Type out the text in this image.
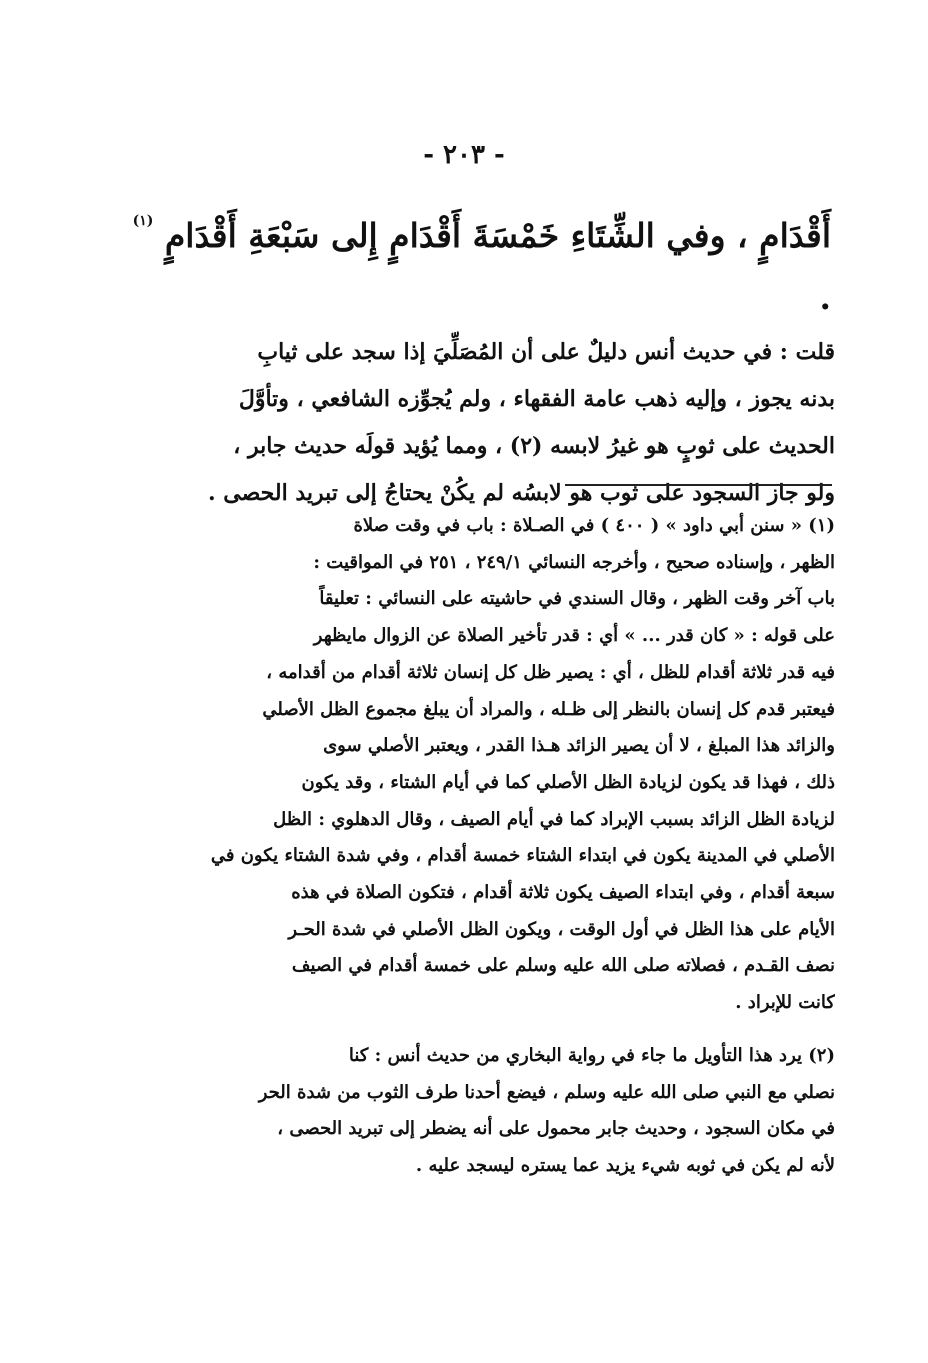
- ٢٠٣ -

أَقْدَامٍ ، وفي الشِّتَاءِ خَمْسَةَ أَقْدَامٍ إِلى سَبْعَةِ أَقْدَامٍ $^{(١)}$ .

قلت : في حديث أنس دليلٌ على أن المُصَلِّيَ إذا سجد على ثيابِ

بدنه يجوز ، وإليه ذهب عامة الفقهاء ، ولم يُجوِّزه الشافعي ، وتأوَّلَ

الحديث على ثوبٍ هو غيرُ لابسه (٢) ، ومما يُؤيد قولَه حديث جابر ،

ولو جاز السجود على ثوب هو لابسُه لم يكُنْ يحتاجُ إلى تبريد الحصى .

(١) « سنن أبي داود » ( ٤٠٠ ) في الصـلاة : باب في وقت صلاة

الظهر ، وإسناده صحيح ، وأخرجه النسائي ٢٤٩/١ ، ٢٥١ في المواقيت :

باب آخر وقت الظهر ، وقال السندي في حاشيته على النسائي : تعليقاً

على قوله : « كان قدر ... » أي : قدر تأخير الصلاة عن الزوال مايظهر

فيه قدر ثلاثة أقدام للظل ، أي : يصير ظل كل إنسان ثلاثة أقدام من أقدامه ،

فيعتبر قدم كل إنسان بالنظر إلى ظـله ، والمراد أن يبلغ مجموع الظل الأصلي

والزائد هذا المبلغ ، لا أن يصير الزائد هـذا القدر ، ويعتبر الأصلي سوى

ذلك ، فهذا قد يكون لزيادة الظل الأصلي كما في أيام الشتاء ، وقد يكون

لزيادة الظل الزائد بسبب الإبراد كما في أيام الصيف ، وقال الدهلوي : الظل

الأصلي في المدينة يكون في ابتداء الشتاء خمسة أقدام ، وفي شدة الشتاء يكون في

سبعة أقدام ، وفي ابتداء الصيف يكون ثلاثة أقدام ، فتكون الصلاة في هذه

الأيام على هذا الظل في أول الوقت ، ويكون الظل الأصلي في شدة الحـر

نصف القـدم ، فصلاته صلى الله عليه وسلم على خمسة أقدام في الصيف

كانت للإبراد .

(٢) يرد هذا التأويل ما جاء في رواية البخاري من حديث أنس : كنا

نصلي مع النبي صلى الله عليه وسلم ، فيضع أحدنا طرف الثوب من شدة الحر

في مكان السجود ، وحديث جابر محمول على أنه يضطر إلى تبريد الحصى ،

لأنه لم يكن في ثوبه شيء يزيد عما يستره ليسجد عليه .
